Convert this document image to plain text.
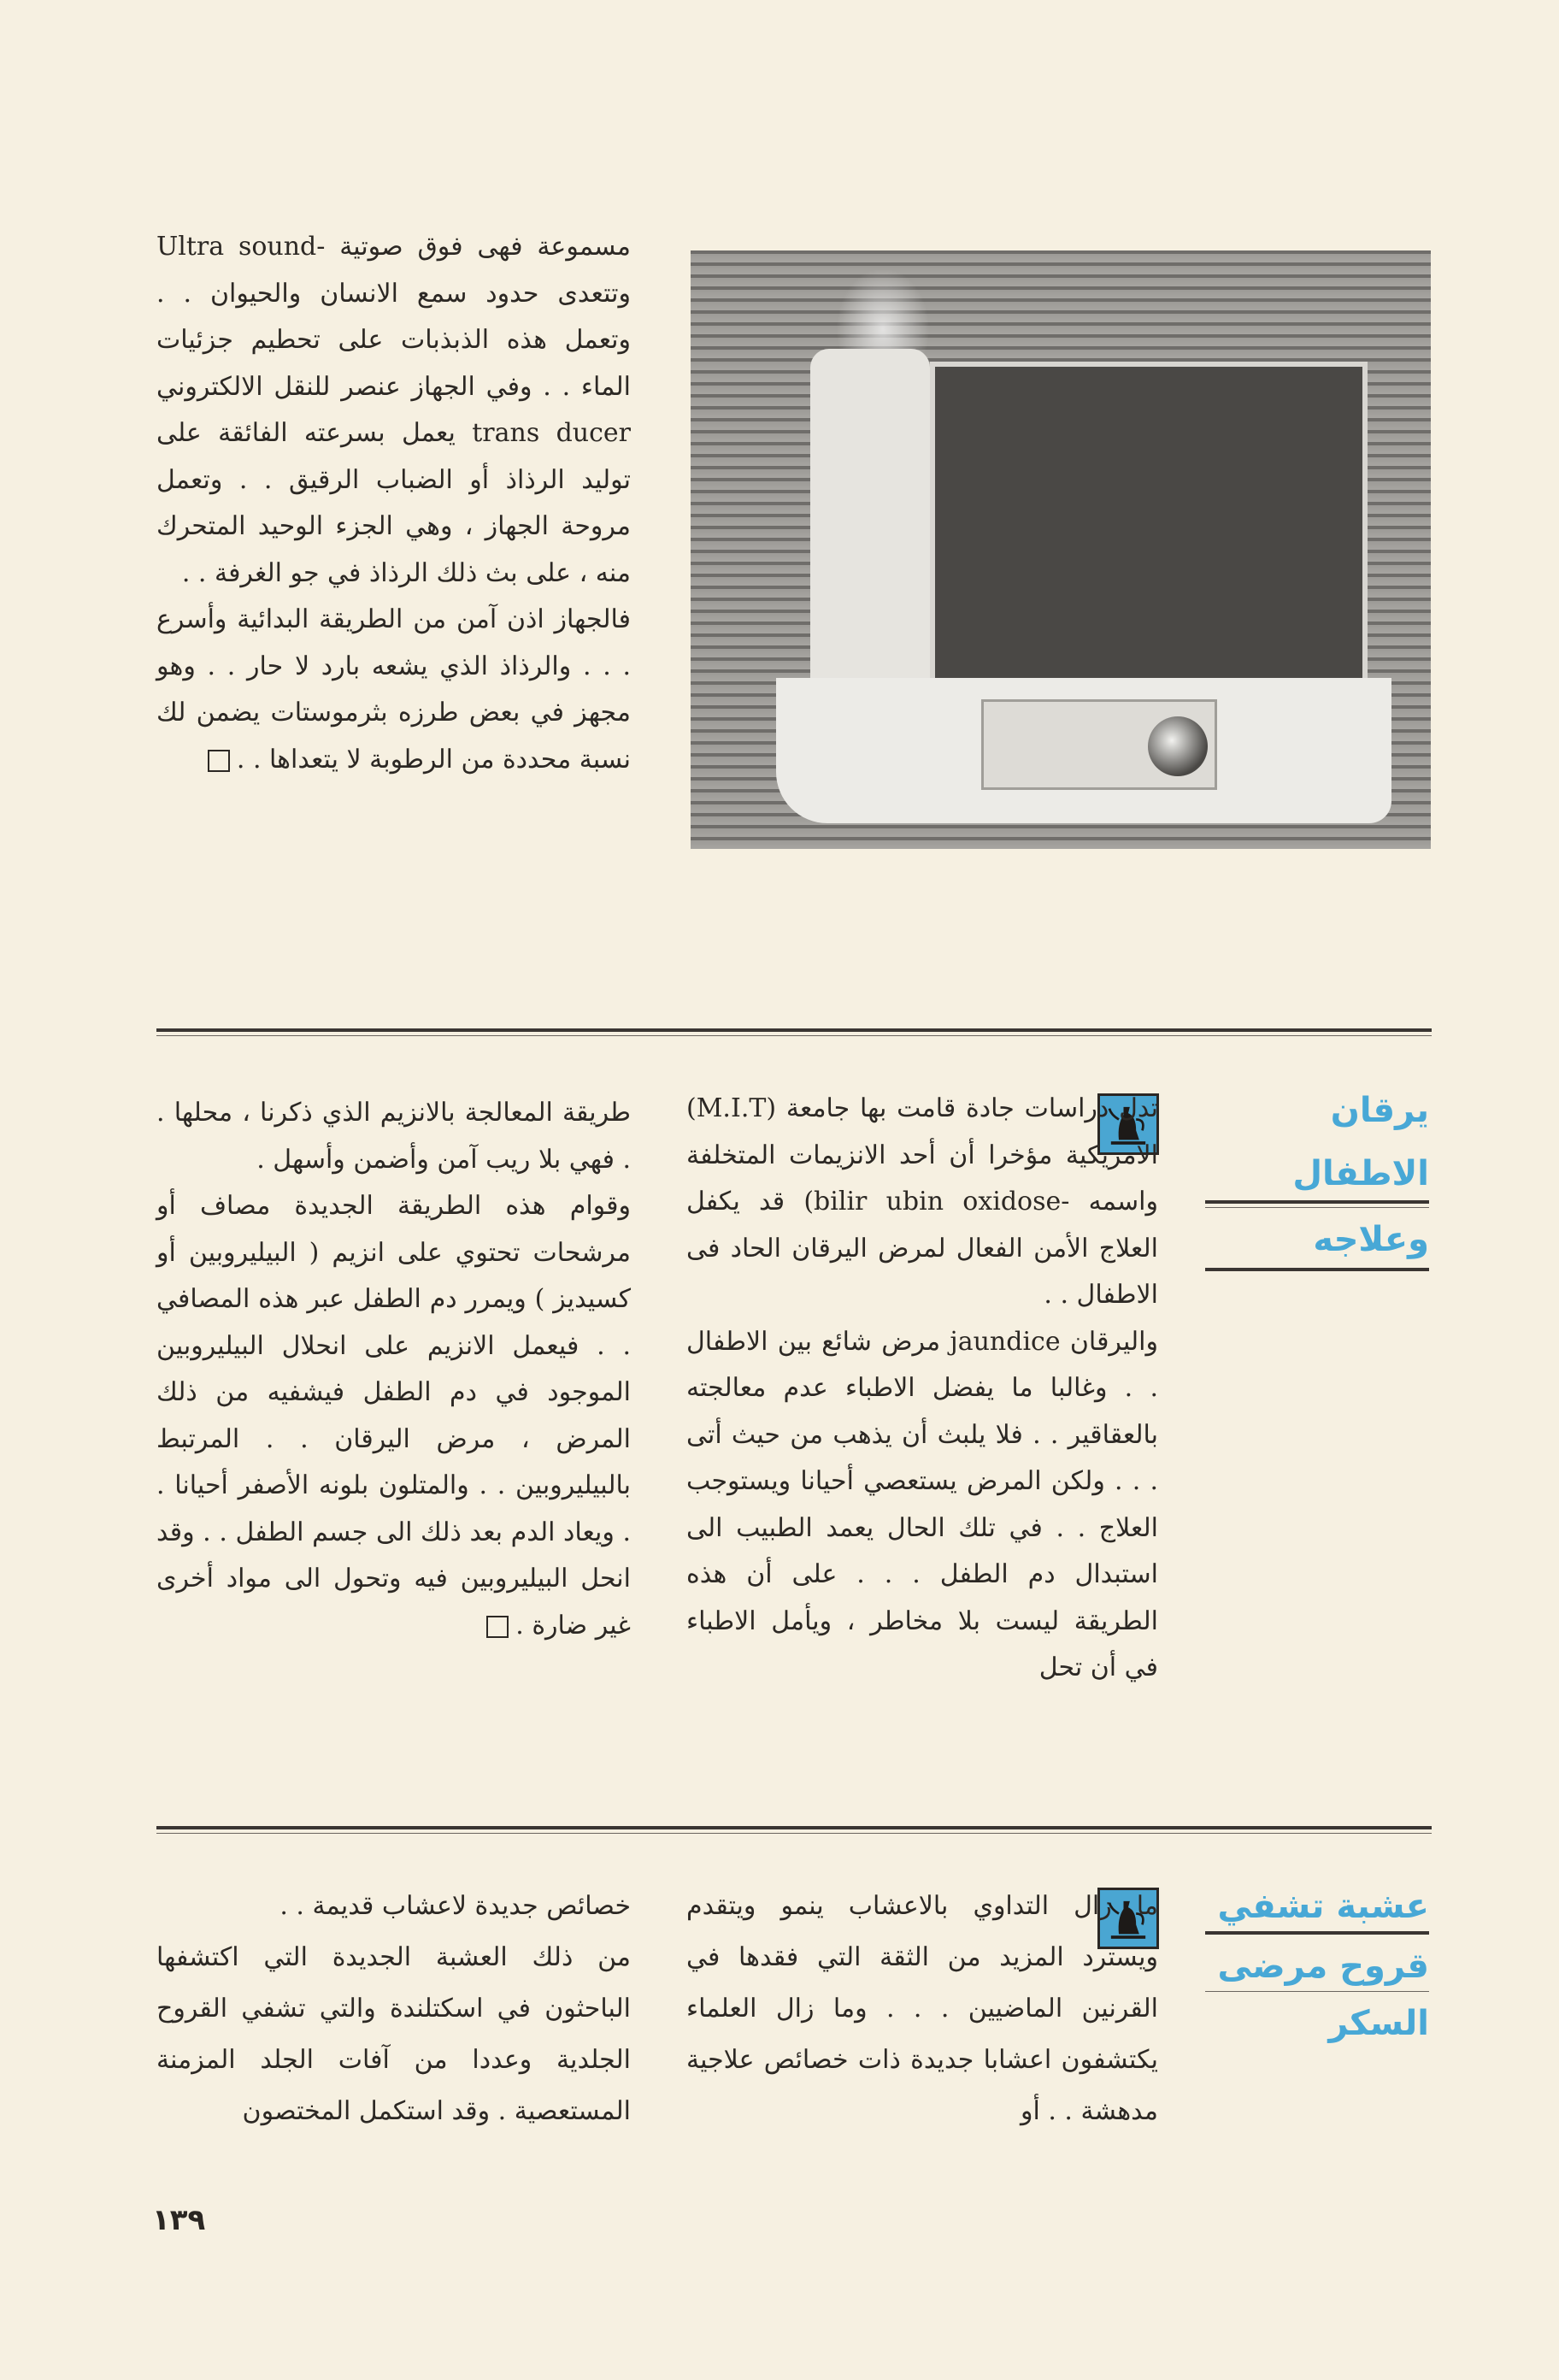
مسموعة فهى فوق صوتية -Ultra sound وتتعدى حدود سمع الانسان والحيوان . . وتعمل هذه الذبذبات على تحطيم جزئيات الماء . . وفي الجهاز عنصر للنقل الالكتروني trans ducer يعمل بسرعته الفائقة على توليد الرذاذ أو الضباب الرقيق . . وتعمل مروحة الجهاز ، وهي الجزء الوحيد المتحرك منه ، على بث ذلك الرذاذ في جو الغرفة . .

فالجهاز اذن آمن من الطريقة البدائية وأسرع . . . والرذاذ الذي يشعه بارد لا حار . . وهو مجهز في بعض طرزه بثرموستات يضمن لك نسبة محددة من الرطوبة لا يتعداها . .

يرقان الاطفال
وعلاجه

تدل دراسات جادة قامت بها جامعة (M.I.T) الامريكية مؤخرا أن أحد الانزيمات المتخلفة واسمه -bilir ubin oxidose) قد يكفل العلاج الأمن الفعال لمرض اليرقان الحاد فى الاطفال . .

واليرقان jaundice مرض شائع بين الاطفال . . وغالبا ما يفضل الاطباء عدم معالجته بالعقاقير . . فلا يلبث أن يذهب من حيث أتى . . . ولكن المرض يستعصي أحيانا ويستوجب العلاج . . في تلك الحال يعمد الطبيب الى استبدال دم الطفل . . . على أن هذه الطريقة ليست بلا مخاطر ، ويأمل الاطباء في أن تحل

طريقة المعالجة بالانزيم الذي ذكرنا ، محلها . . فهي بلا ريب آمن وأضمن وأسهل .

وقوام هذه الطريقة الجديدة مصاف أو مرشحات تحتوي على انزيم ( البيليروبين أو كسيديز ) ويمرر دم الطفل عبر هذه المصافي . . فيعمل الانزيم على انحلال البيليروبين الموجود في دم الطفل فيشفيه من ذلك المرض ، مرض اليرقان . . المرتبط بالبيليروبين . . والمتلون بلونه الأصفر أحيانا . . ويعاد الدم بعد ذلك الى جسم الطفل . . وقد انحل البيليروبين فيه وتحول الى مواد أخرى غير ضارة .

عشبة تشفي
قروح مرضى
السكر

ما زال التداوي بالاعشاب ينمو ويتقدم ويسترد المزيد من الثقة التي فقدها في القرنين الماضيين . . . وما زال العلماء يكتشفون اعشابا جديدة ذات خصائص علاجية مدهشة . . أو

خصائص جديدة لاعشاب قديمة . .

من ذلك العشبة الجديدة التي اكتشفها الباحثون في اسكتلندة والتي تشفي القروح الجلدية وعددا من آفات الجلد المزمنة المستعصية . وقد استكمل المختصون

١٣٩
